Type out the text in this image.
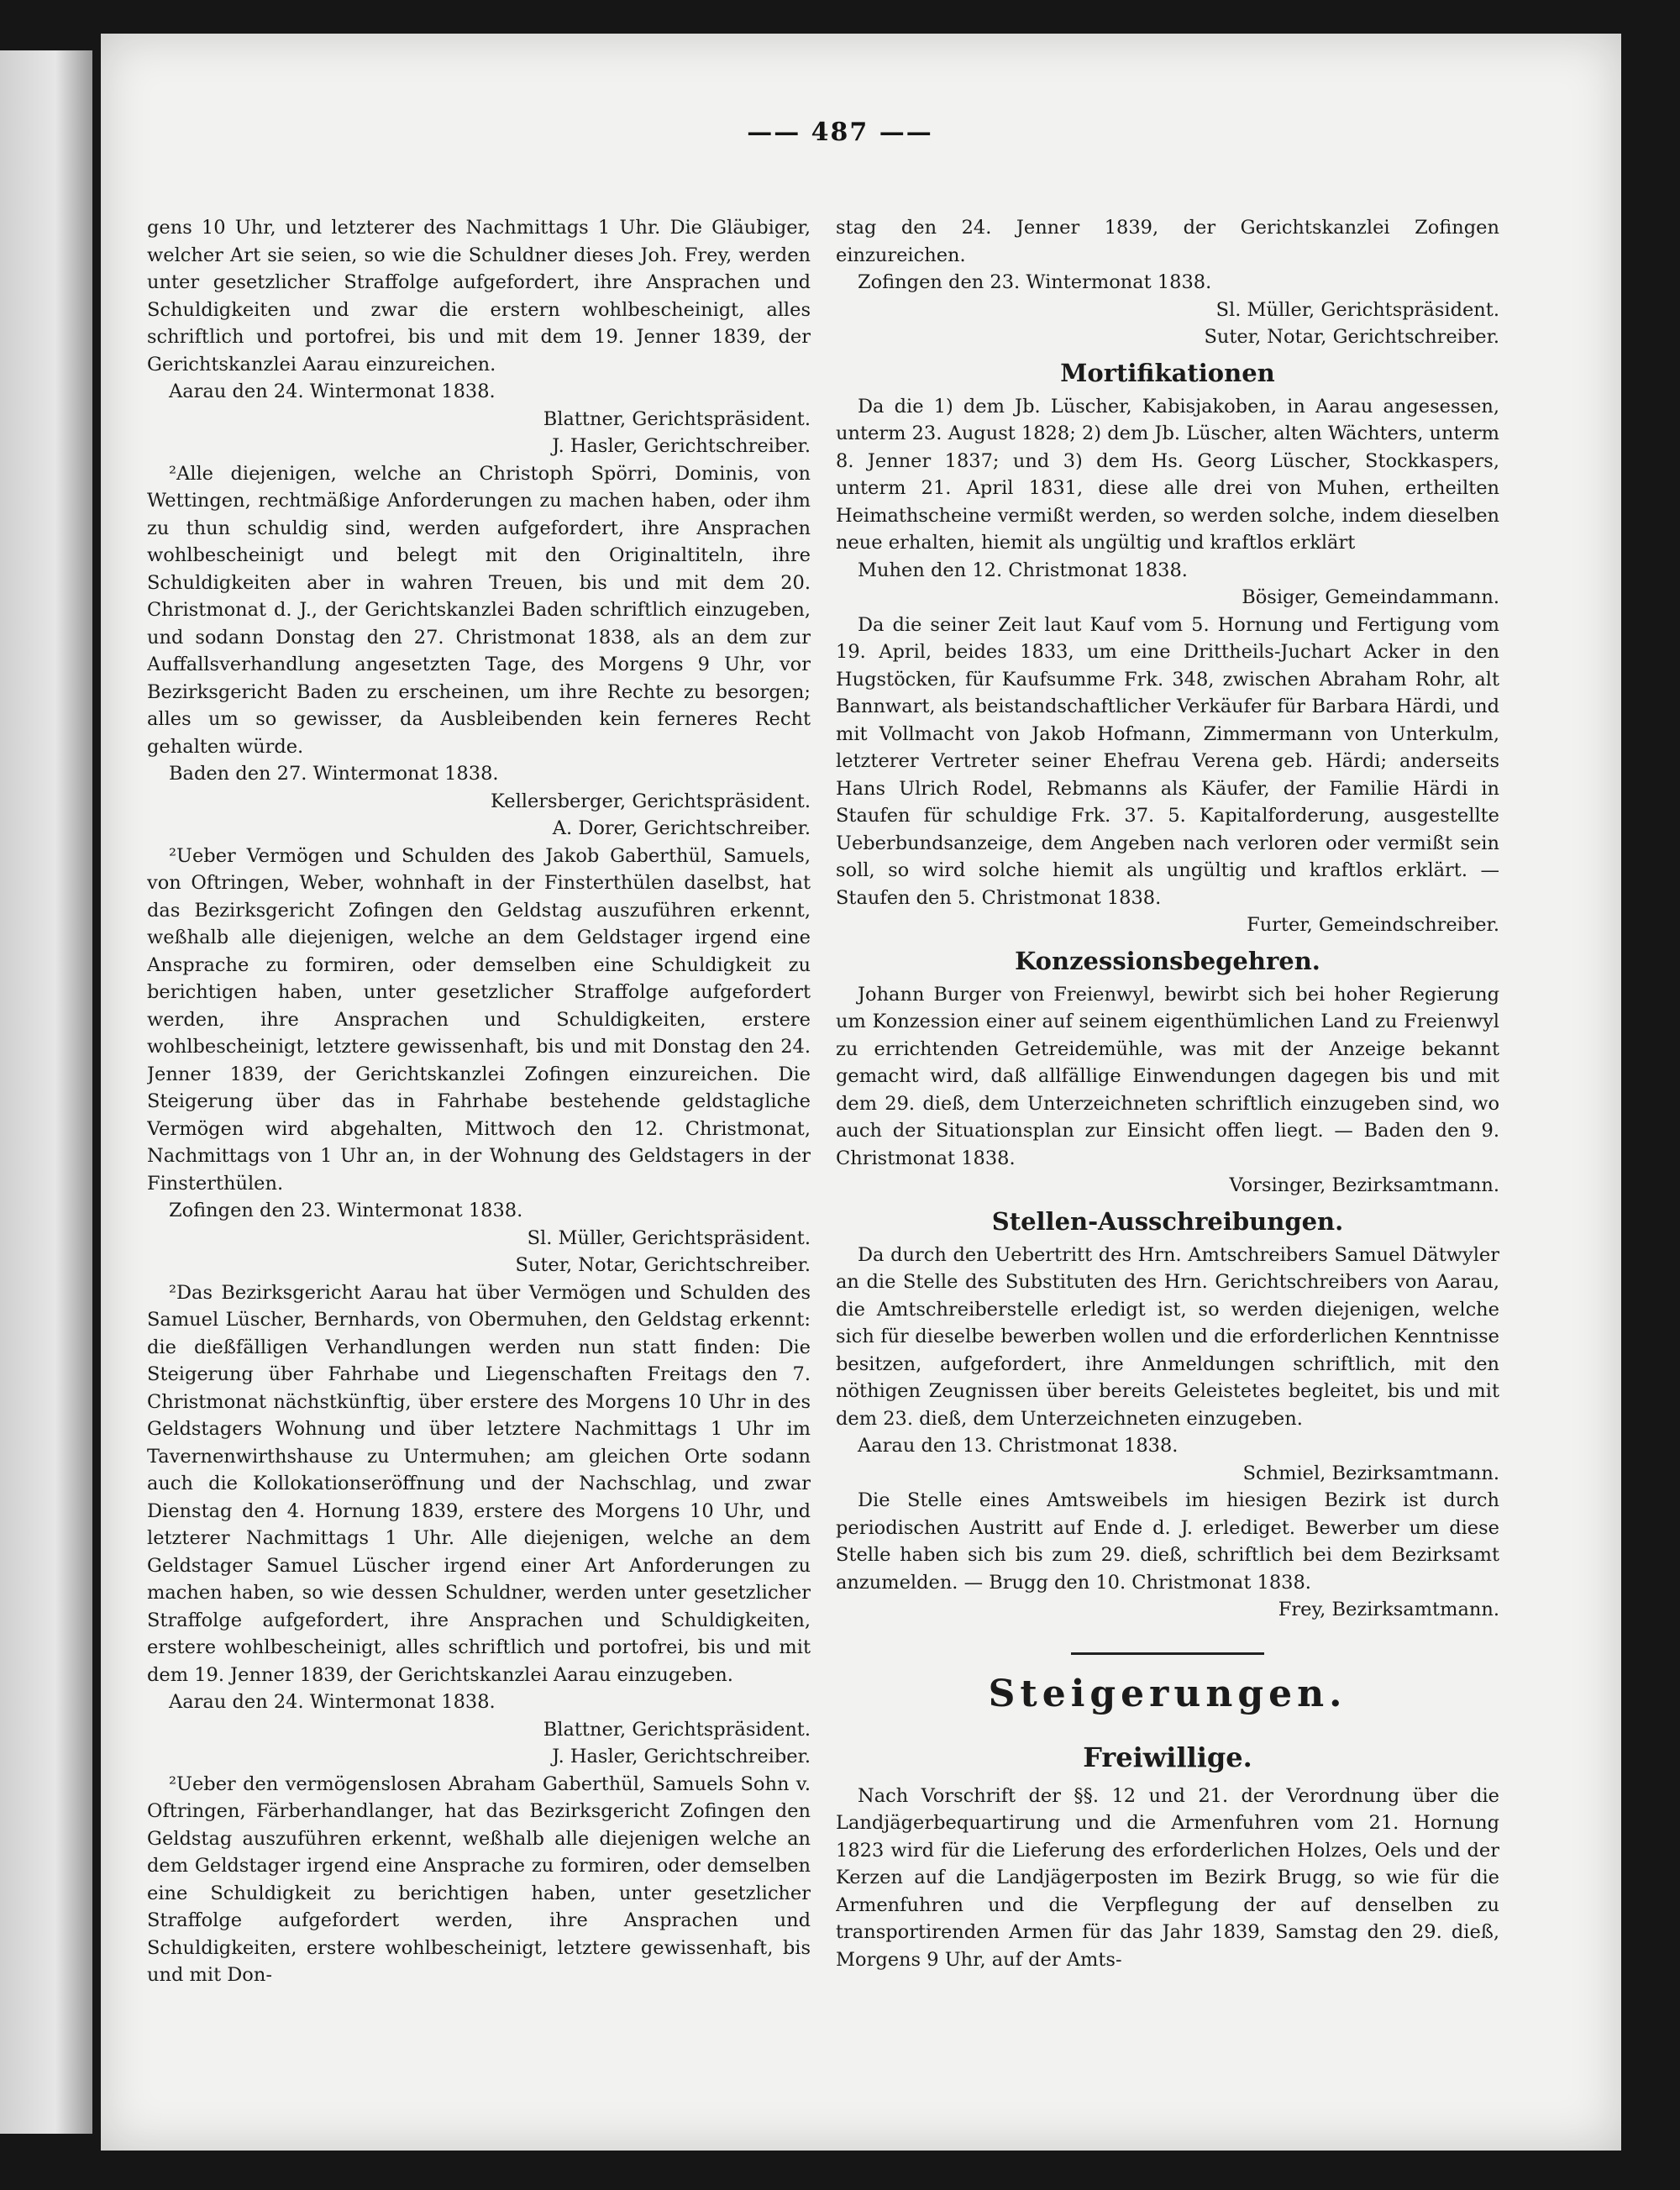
—— 487 ——

gens 10 Uhr, und letzterer des Nachmittags 1 Uhr. Die Gläubiger, welcher Art sie seien, so wie die Schuldner dieses Joh. Frey, werden unter gesetzlicher Straffolge aufgefordert, ihre Ansprachen und Schuldigkeiten und zwar die erstern wohlbescheinigt, alles schriftlich und portofrei, bis und mit dem 19. Jenner 1839, der Gerichtskanzlei Aarau einzureichen.

Aarau den 24. Wintermonat 1838.

Blattner, Gerichtspräsident.
J. Hasler, Gerichtschreiber.

²Alle diejenigen, welche an Christoph Spörri, Dominis, von Wettingen, rechtmäßige Anforderungen zu machen haben, oder ihm zu thun schuldig sind, werden aufgefordert, ihre Ansprachen wohlbescheinigt und belegt mit den Originaltiteln, ihre Schuldigkeiten aber in wahren Treuen, bis und mit dem 20. Christmonat d. J., der Gerichtskanzlei Baden schriftlich einzugeben, und sodann Donstag den 27. Christmonat 1838, als an dem zur Auffallsverhandlung angesetzten Tage, des Morgens 9 Uhr, vor Bezirksgericht Baden zu erscheinen, um ihre Rechte zu besorgen; alles um so gewisser, da Ausbleibenden kein ferneres Recht gehalten würde.

Baden den 27. Wintermonat 1838.

Kellersberger, Gerichtspräsident.
A. Dorer, Gerichtschreiber.

²Ueber Vermögen und Schulden des Jakob Gaberthül, Samuels, von Oftringen, Weber, wohnhaft in der Finsterthülen daselbst, hat das Bezirksgericht Zofingen den Geldstag auszuführen erkennt, weßhalb alle diejenigen, welche an dem Geldstager irgend eine Ansprache zu formiren, oder demselben eine Schuldigkeit zu berichtigen haben, unter gesetzlicher Straffolge aufgefordert werden, ihre Ansprachen und Schuldigkeiten, erstere wohlbescheinigt, letztere gewissenhaft, bis und mit Donstag den 24. Jenner 1839, der Gerichtskanzlei Zofingen einzureichen. Die Steigerung über das in Fahrhabe bestehende geldstagliche Vermögen wird abgehalten, Mittwoch den 12. Christmonat, Nachmittags von 1 Uhr an, in der Wohnung des Geldstagers in der Finsterthülen.

Zofingen den 23. Wintermonat 1838.

Sl. Müller, Gerichtspräsident.
Suter, Notar, Gerichtschreiber.

²Das Bezirksgericht Aarau hat über Vermögen und Schulden des Samuel Lüscher, Bernhards, von Obermuhen, den Geldstag erkennt: die dießfälligen Verhandlungen werden nun statt finden: Die Steigerung über Fahrhabe und Liegenschaften Freitags den 7. Christmonat nächstkünftig, über erstere des Morgens 10 Uhr in des Geldstagers Wohnung und über letztere Nachmittags 1 Uhr im Tavernenwirthshause zu Untermuhen; am gleichen Orte sodann auch die Kollokationseröffnung und der Nachschlag, und zwar Dienstag den 4. Hornung 1839, erstere des Morgens 10 Uhr, und letzterer Nachmittags 1 Uhr. Alle diejenigen, welche an dem Geldstager Samuel Lüscher irgend einer Art Anforderungen zu machen haben, so wie dessen Schuldner, werden unter gesetzlicher Straffolge aufgefordert, ihre Ansprachen und Schuldigkeiten, erstere wohlbescheinigt, alles schriftlich und portofrei, bis und mit dem 19. Jenner 1839, der Gerichtskanzlei Aarau einzugeben.

Aarau den 24. Wintermonat 1838.

Blattner, Gerichtspräsident.
J. Hasler, Gerichtschreiber.

²Ueber den vermögenslosen Abraham Gaberthül, Samuels Sohn v. Oftringen, Färberhandlanger, hat das Bezirksgericht Zofingen den Geldstag auszuführen erkennt, weßhalb alle diejenigen welche an dem Geldstager irgend eine Ansprache zu formiren, oder demselben eine Schuldigkeit zu berichtigen haben, unter gesetzlicher Straffolge aufgefordert werden, ihre Ansprachen und Schuldigkeiten, erstere wohlbescheinigt, letztere gewissenhaft, bis und mit Don-

stag den 24. Jenner 1839, der Gerichtskanzlei Zofingen einzureichen.

Zofingen den 23. Wintermonat 1838.

Sl. Müller, Gerichtspräsident.
Suter, Notar, Gerichtschreiber.
Mortifikationen

Da die 1) dem Jb. Lüscher, Kabisjakoben, in Aarau angesessen, unterm 23. August 1828; 2) dem Jb. Lüscher, alten Wächters, unterm 8. Jenner 1837; und 3) dem Hs. Georg Lüscher, Stockkaspers, unterm 21. April 1831, diese alle drei von Muhen, ertheilten Heimathscheine vermißt werden, so werden solche, indem dieselben neue erhalten, hiemit als ungültig und kraftlos erklärt

Muhen den 12. Christmonat 1838.

Bösiger, Gemeindammann.

Da die seiner Zeit laut Kauf vom 5. Hornung und Fertigung vom 19. April, beides 1833, um eine Drittheils-Juchart Acker in den Hugstöcken, für Kaufsumme Frk. 348, zwischen Abraham Rohr, alt Bannwart, als beistandschaftlicher Verkäufer für Barbara Härdi, und mit Vollmacht von Jakob Hofmann, Zimmermann von Unterkulm, letzterer Vertreter seiner Ehefrau Verena geb. Härdi; anderseits Hans Ulrich Rodel, Rebmanns als Käufer, der Familie Härdi in Staufen für schuldige Frk. 37. 5. Kapitalforderung, ausgestellte Ueberbundsanzeige, dem Angeben nach verloren oder vermißt sein soll, so wird solche hiemit als ungültig und kraftlos erklärt. — Staufen den 5. Christmonat 1838.

Furter, Gemeindschreiber.
Konzessionsbegehren.

Johann Burger von Freienwyl, bewirbt sich bei hoher Regierung um Konzession einer auf seinem eigenthümlichen Land zu Freienwyl zu errichtenden Getreidemühle, was mit der Anzeige bekannt gemacht wird, daß allfällige Einwendungen dagegen bis und mit dem 29. dieß, dem Unterzeichneten schriftlich einzugeben sind, wo auch der Situationsplan zur Einsicht offen liegt. — Baden den 9. Christmonat 1838.

Vorsinger, Bezirksamtmann.
Stellen-Ausschreibungen.

Da durch den Uebertritt des Hrn. Amtschreibers Samuel Dätwyler an die Stelle des Substituten des Hrn. Gerichtschreibers von Aarau, die Amtschreiberstelle erledigt ist, so werden diejenigen, welche sich für dieselbe bewerben wollen und die erforderlichen Kenntnisse besitzen, aufgefordert, ihre Anmeldungen schriftlich, mit den nöthigen Zeugnissen über bereits Geleistetes begleitet, bis und mit dem 23. dieß, dem Unterzeichneten einzugeben.

Aarau den 13. Christmonat 1838.

Schmiel, Bezirksamtmann.

Die Stelle eines Amtsweibels im hiesigen Bezirk ist durch periodischen Austritt auf Ende d. J. erlediget. Bewerber um diese Stelle haben sich bis zum 29. dieß, schriftlich bei dem Bezirksamt anzumelden. — Brugg den 10. Christmonat 1838.

Frey, Bezirksamtmann.
Steigerungen.
Freiwillige.

Nach Vorschrift der §§. 12 und 21. der Verordnung über die Landjägerbequartirung und die Armenfuhren vom 21. Hornung 1823 wird für die Lieferung des erforderlichen Holzes, Oels und der Kerzen auf die Landjägerposten im Bezirk Brugg, so wie für die Armenfuhren und die Verpflegung der auf denselben zu transportirenden Armen für das Jahr 1839, Samstag den 29. dieß, Morgens 9 Uhr, auf der Amts-
